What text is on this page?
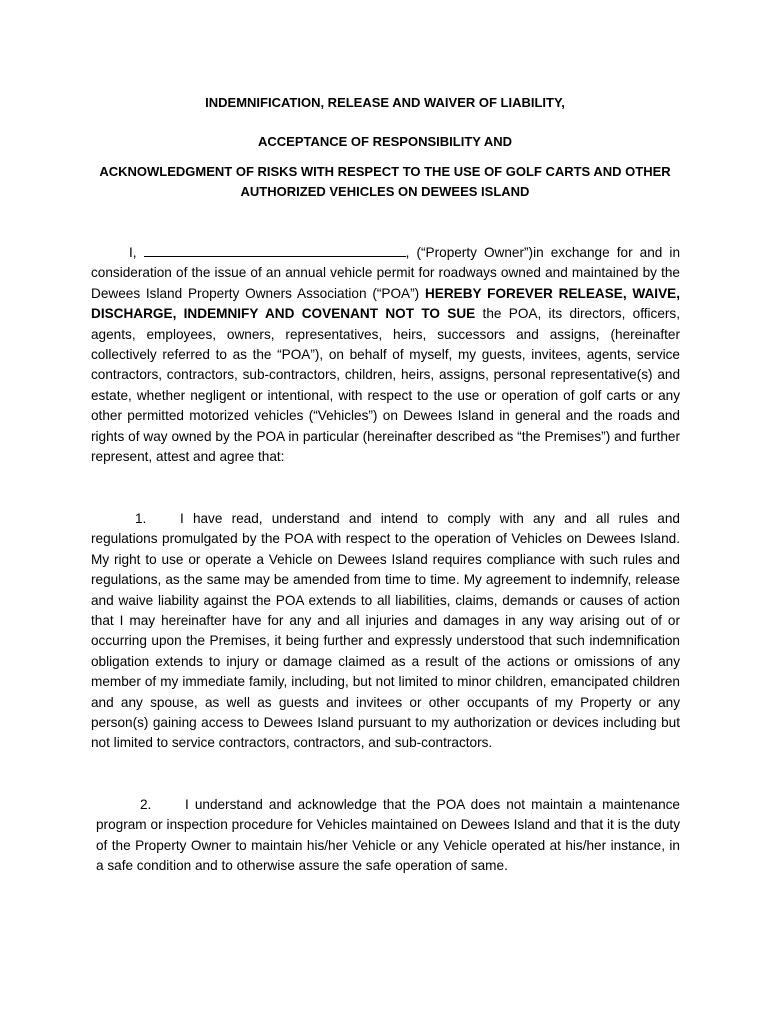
INDEMNIFICATION, RELEASE AND WAIVER OF LIABILITY,
ACCEPTANCE OF RESPONSIBILITY AND
ACKNOWLEDGMENT OF RISKS WITH RESPECT TO THE USE OF GOLF CARTS AND OTHER
AUTHORIZED VEHICLES ON DEWEES ISLAND
I,	, (“Property Owner”)in exchange for and in consideration of the issue of an annual vehicle permit for roadways owned and maintained by the Dewees Island Property Owners Association (“POA”) HEREBY FOREVER RELEASE, WAIVE, DISCHARGE, INDEMNIFY AND COVENANT NOT TO SUE the POA, its directors, officers, agents, employees, owners, representatives, heirs, successors and assigns, (hereinafter collectively referred to as the “POA”), on behalf of myself, my guests, invitees, agents, service contractors, contractors, sub-contractors, children, heirs, assigns, personal representative(s) and estate, whether negligent or intentional, with respect to the use or operation of golf carts or any other permitted motorized vehicles (“Vehicles”) on Dewees Island in general and the roads and rights of way owned by the POA in particular (hereinafter described as “the Premises”) and further represent, attest and agree that:
1. I have read, understand and intend to comply with any and all rules and regulations promulgated by the POA with respect to the operation of Vehicles on Dewees Island. My right to use or operate a Vehicle on Dewees Island requires compliance with such rules and regulations, as the same may be amended from time to time. My agreement to indemnify, release and waive liability against the POA extends to all liabilities, claims, demands or causes of action that I may hereinafter have for any and all injuries and damages in any way arising out of or occurring upon the Premises, it being further and expressly understood that such indemnification obligation extends to injury or damage claimed as a result of the actions or omissions of any member of my immediate family, including, but not limited to minor children, emancipated children and any spouse, as well as guests and invitees or other occupants of my Property or any person(s) gaining access to Dewees Island pursuant to my authorization or devices including but not limited to service contractors, contractors, and sub-contractors.
2. I understand and acknowledge that the POA does not maintain a maintenance program or inspection procedure for Vehicles maintained on Dewees Island and that it is the duty of the Property Owner to maintain his/her Vehicle or any Vehicle operated at his/her instance, in a safe condition and to otherwise assure the safe operation of same.
